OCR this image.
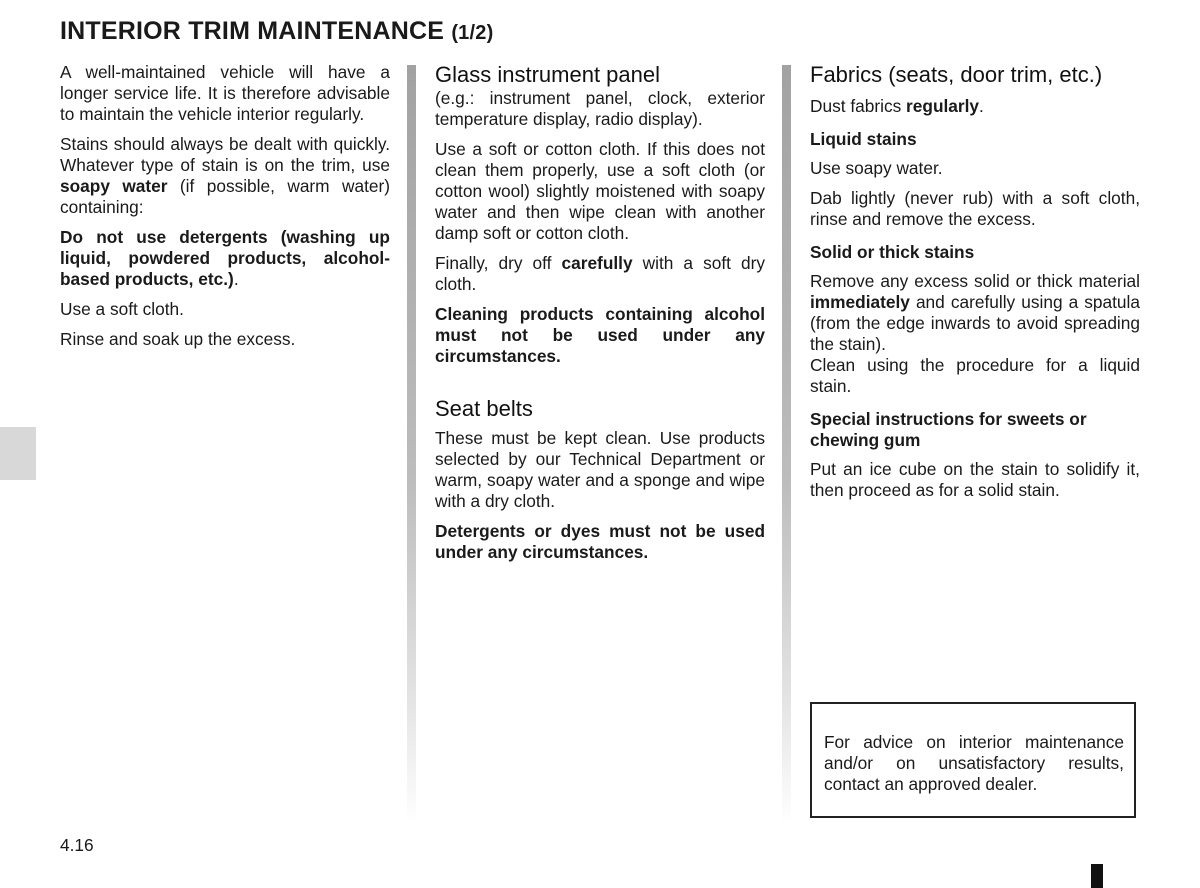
INTERIOR TRIM MAINTENANCE (1/2)

A well-maintained vehicle will have a longer service life. It is therefore advisable to maintain the vehicle interior regularly.

Stains should always be dealt with quickly. Whatever type of stain is on the trim, use soapy water (if possible, warm water) containing:

Do not use detergents (washing up liquid, powdered products, alcohol-based products, etc.).

Use a soft cloth.

Rinse and soak up the excess.

Glass instrument panel

(e.g.: instrument panel, clock, exterior temperature display, radio display).

Use a soft or cotton cloth. If this does not clean them properly, use a soft cloth (or cotton wool) slightly moistened with soapy water and then wipe clean with another damp soft or cotton cloth.

Finally, dry off carefully with a soft dry cloth.

Cleaning products containing alcohol must not be used under any circumstances.

Seat belts

These must be kept clean. Use products selected by our Technical Department or warm, soapy water and a sponge and wipe with a dry cloth.

Detergents or dyes must not be used under any circumstances.

Fabrics (seats, door trim, etc.)

Dust fabrics regularly.

Liquid stains

Use soapy water.

Dab lightly (never rub) with a soft cloth, rinse and remove the excess.

Solid or thick stains

Remove any excess solid or thick material immediately and carefully using a spatula (from the edge inwards to avoid spreading the stain).

Clean using the procedure for a liquid stain.

Special instructions for sweets or chewing gum

Put an ice cube on the stain to solidify it, then proceed as for a solid stain.

For advice on interior maintenance and/or on unsatisfactory results, contact an approved dealer.

4.16
